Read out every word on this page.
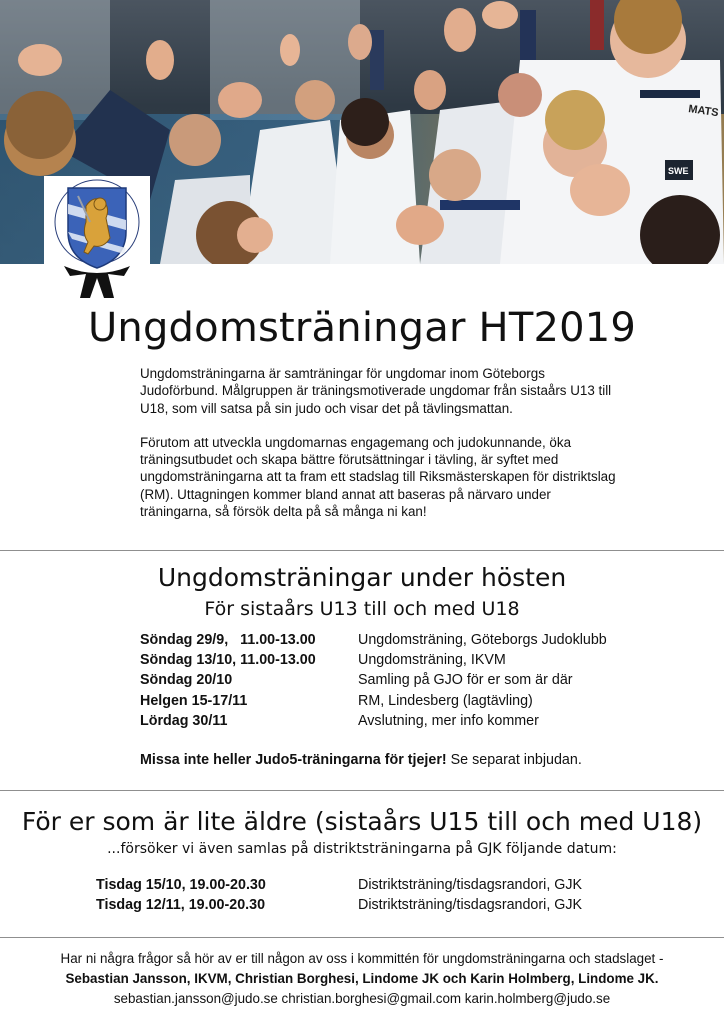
MATS
SWE
Ungdomsträningar HT2019

Ungdomsträningarna är samträningar för ungdomar inom Göteborgs Judoförbund. Målgruppen är träningsmotiverade ungdomar från sistaårs U13 till U18, som vill satsa på sin judo och visar det på tävlingsmattan.

Förutom att utveckla ungdomarnas engagemang och judokunnande, öka träningsutbudet och skapa bättre förutsättningar i tävling, är syftet med ungdomsträningarna att ta fram ett stadslag till Riksmästerskapen för distriktslag (RM). Uttagningen kommer bland annat att baseras på närvaro under träningarna, så försök delta på så många ni kan!

Ungdomsträningar under hösten
För sistaårs U13 till och med U18
Söndag 29/9,   11.00-13.00	Ungdomsträning, Göteborgs Judoklubb
Söndag 13/10, 11.00-13.00	Ungdomsträning, IKVM
Söndag 20/10	Samling på GJO för er som är där
Helgen 15-17/11	RM, Lindesberg (lagtävling)
Lördag 30/11	Avslutning, mer info kommer
Missa inte heller Judo5-träningarna för tjejer! Se separat inbjudan.
För er som är lite äldre (sistaårs U15 till och med U18)
...försöker vi även samlas på distriktsträningarna på GJK följande datum:
Tisdag 15/10, 19.00-20.30	Distriktsträning/tisdagsrandori, GJK
Tisdag 12/11, 19.00-20.30	Distriktsträning/tisdagsrandori, GJK
Har ni några frågor så hör av er till någon av oss i kommittén för ungdomsträningarna och stadslaget -
Sebastian Jansson, IKVM, Christian Borghesi, Lindome JK och Karin Holmberg, Lindome JK.
sebastian.jansson@judo.se christian.borghesi@gmail.com karin.holmberg@judo.se
